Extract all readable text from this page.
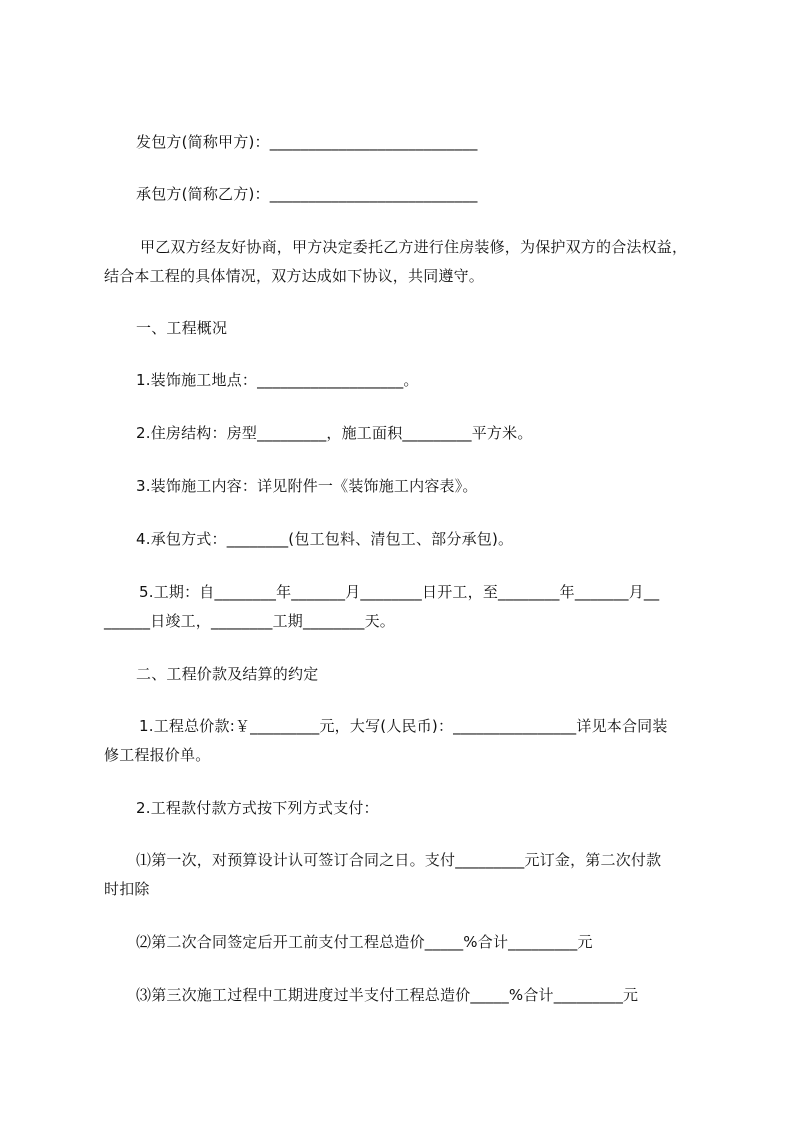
发包方(简称甲方)：___________________________
承包方(简称乙方)：___________________________
甲乙双方经友好协商，甲方决定委托乙方进行住房装修，为保护双方的合法权益，
结合本工程的具体情况，双方达成如下协议，共同遵守。
一、工程概况
1.装饰施工地点：___________________。
2.住房结构：房型_________，施工面积_________平方米。
3.装饰施工内容：详见附件一《装饰施工内容表》。
4.承包方式：________(包工包料、清包工、部分承包)。
5.工期：自________年_______月________日开工，至________年_______月__
______日竣工，________工期________天。
二、工程价款及结算的约定
1.工程总价款:￥_________元，大写(人民币)：________________详见本合同装
修工程报价单。
2.工程款付款方式按下列方式支付：
⑴第一次，对预算设计认可签订合同之日。支付_________元订金，第二次付款
时扣除
⑵第二次合同签定后开工前支付工程总造价_____%合计_________元
⑶第三次施工过程中工期进度过半支付工程总造价_____%合计_________元
